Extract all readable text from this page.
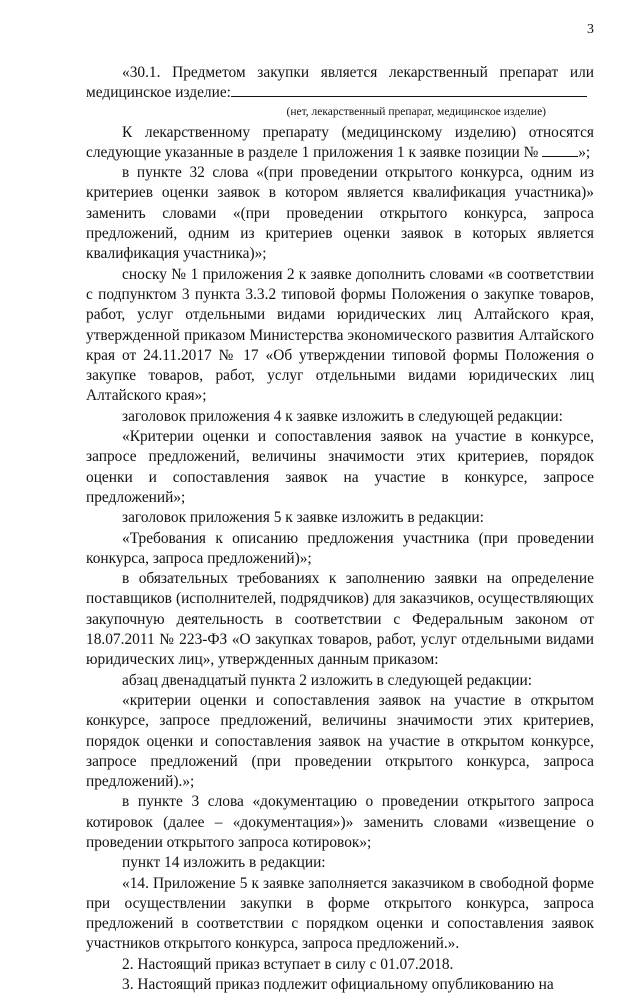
3

«30.1. Предметом закупки является лекарственный препарат или медицинское изделие:

(нет, лекарственный препарат, медицинское изделие)

К лекарственному препарату (медицинскому изделию) относятся следующие указанные в разделе 1 приложения 1 к заявке позиции №	»;

в пункте 32 слова «(при проведении открытого конкурса, одним из критериев оценки заявок в котором является квалификация участника)» заменить словами «(при проведении открытого конкурса, запроса предложений, одним из критериев оценки заявок в которых является квалификация участника)»;

сноску № 1 приложения 2 к заявке дополнить словами «в соответствии с подпунктом 3 пункта 3.3.2 типовой формы Положения о закупке товаров, работ, услуг отдельными видами юридических лиц Алтайского края, утвержденной приказом Министерства экономического развития Алтайского края от 24.11.2017 № 17 «Об утверждении типовой формы Положения о закупке товаров, работ, услуг отдельными видами юридических лиц Алтайского края»;

заголовок приложения 4 к заявке изложить в следующей редакции:

«Критерии оценки и сопоставления заявок на участие в конкурсе, запросе предложений, величины значимости этих критериев, порядок оценки и сопоставления заявок на участие в конкурсе, запросе предложений»;

заголовок приложения 5 к заявке изложить в редакции:

«Требования к описанию предложения участника (при проведении конкурса, запроса предложений)»;

в обязательных требованиях к заполнению заявки на определение поставщиков (исполнителей, подрядчиков) для заказчиков, осуществляющих закупочную деятельность в соответствии с Федеральным законом от 18.07.2011 № 223-ФЗ «О закупках товаров, работ, услуг отдельными видами юридических лиц», утвержденных данным приказом:

абзац двенадцатый пункта 2 изложить в следующей редакции:

«критерии оценки и сопоставления заявок на участие в открытом конкурсе, запросе предложений, величины значимости этих критериев, порядок оценки и сопоставления заявок на участие в открытом конкурсе, запросе предложений (при проведении открытого конкурса, запроса предложений).»;

в пункте 3 слова «документацию о проведении открытого запроса котировок (далее – «документация»)» заменить словами «извещение о проведении открытого запроса котировок»;

пункт 14 изложить в редакции:

«14. Приложение 5 к заявке заполняется заказчиком в свободной форме при осуществлении закупки в форме открытого конкурса, запроса предложений в соответствии с порядком оценки и сопоставления заявок участников открытого конкурса, запроса предложений.».

2. Настоящий приказ вступает в силу с 01.07.2018.

3. Настоящий приказ подлежит официальному опубликованию на
